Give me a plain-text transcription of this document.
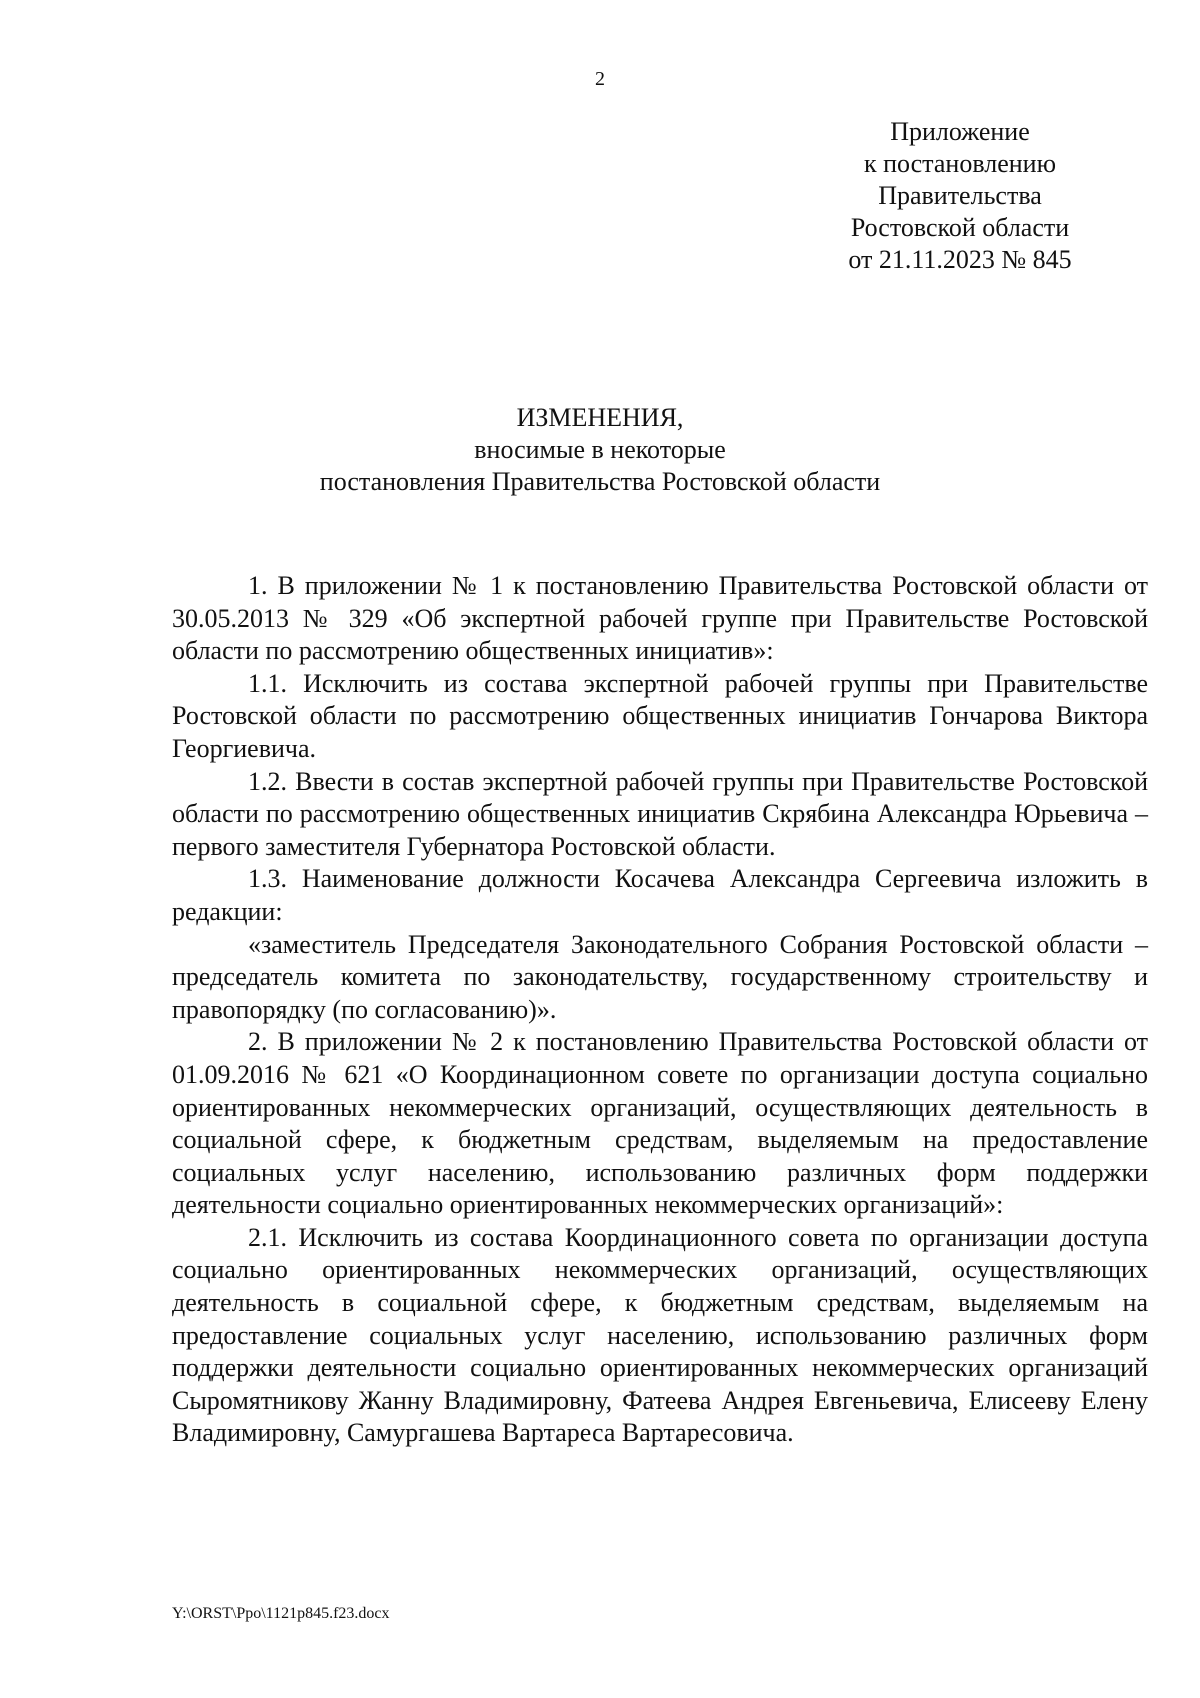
2
Приложение
к постановлению
Правительства
Ростовской области
от 21.11.2023 № 845
ИЗМЕНЕНИЯ,
вносимые в некоторые
постановления Правительства Ростовской области

1. В приложении № 1 к постановлению Правительства Ростовской области от 30.05.2013 № 329 «Об экспертной рабочей группе при Правительстве Ростовской области по рассмотрению общественных инициатив»:

1.1. Исключить из состава экспертной рабочей группы при Правительстве Ростовской области по рассмотрению общественных инициатив Гончарова Виктора Георгиевича.

1.2. Ввести в состав экспертной рабочей группы при Правительстве Ростовской области по рассмотрению общественных инициатив Скрябина Александра Юрьевича – первого заместителя Губернатора Ростовской области.

1.3. Наименование должности Косачева Александра Сергеевича изложить в редакции:

«заместитель Председателя Законодательного Собрания Ростовской области – председатель комитета по законодательству, государственному строительству и правопорядку (по согласованию)».

2. В приложении № 2 к постановлению Правительства Ростовской области от 01.09.2016 № 621 «О Координационном совете по организации доступа социально ориентированных некоммерческих организаций, осуществляющих деятельность в социальной сфере, к бюджетным средствам, выделяемым на предоставление социальных услуг населению, использованию различных форм поддержки деятельности социально ориентированных некоммерческих организаций»:

2.1. Исключить из состава Координационного совета по организации доступа социально ориентированных некоммерческих организаций, осуществляющих деятельность в социальной сфере, к бюджетным средствам, выделяемым на предоставление социальных услуг населению, использованию различных форм поддержки деятельности социально ориентированных некоммерческих организаций Сыромятникову Жанну Владимировну, Фатеева Андрея Евгеньевича, Елисееву Елену Владимировну, Самургашева Вартареса Вартаресовича.

Y:\ORST\Ppo\1121p845.f23.docx
